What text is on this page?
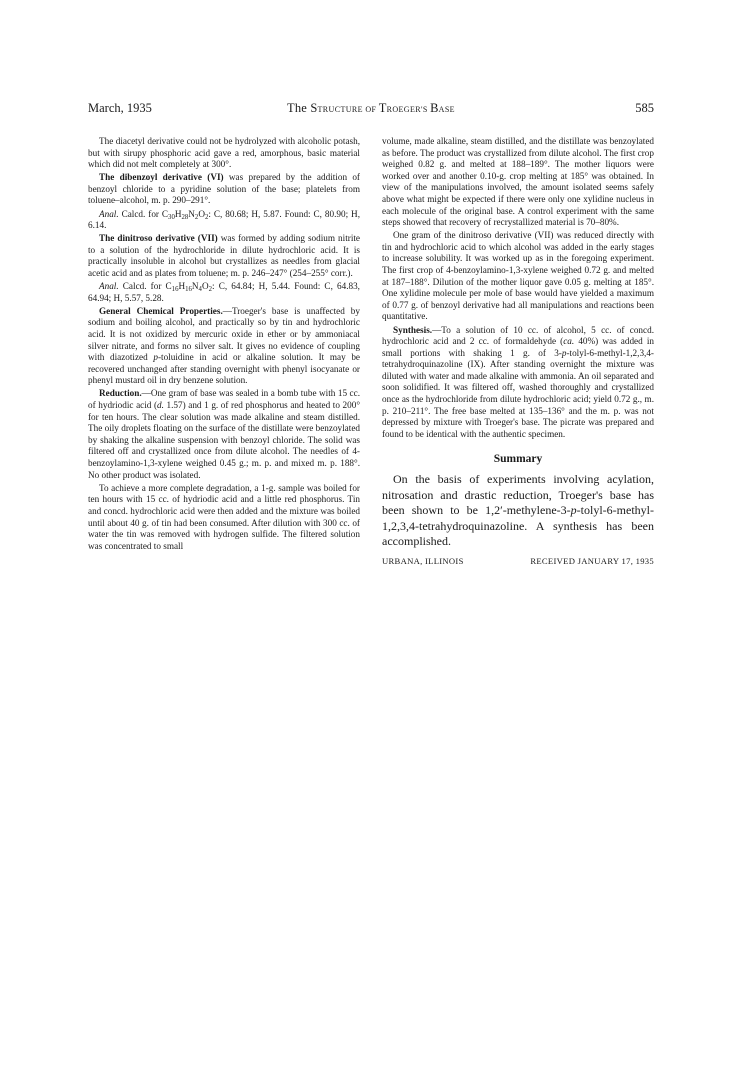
March, 1935	The STRUCTURE OF TROEGER'S BASE	585

The diacetyl derivative could not be hydrolyzed with alcoholic potash, but with sirupy phosphoric acid gave a red, amorphous, basic material which did not melt completely at 300°.

The dibenzoyl derivative (VI) was prepared by the addition of benzoyl chloride to a pyridine solution of the base; platelets from toluene–alcohol, m. p. 290–291°.

Anal. Calcd. for $C_{30}H_{28}N_2O_2$: C, 80.68; H, 5.87. Found: C, 80.90; H, 6.14.

The dinitroso derivative (VII) was formed by adding sodium nitrite to a solution of the hydrochloride in dilute hydrochloric acid. It is practically insoluble in alcohol but crystallizes as needles from glacial acetic acid and as plates from toluene; m. p. 246–247° (254–255° corr.).

Anal. Calcd. for $C_{16}H_{16}N_4O_2$: C, 64.84; H, 5.44. Found: C, 64.83, 64.94; H, 5.57, 5.28.

General Chemical Properties.—Troeger's base is unaffected by sodium and boiling alcohol, and practically so by tin and hydrochloric acid. It is not oxidized by mercuric oxide in ether or by ammoniacal silver nitrate, and forms no silver salt. It gives no evidence of coupling with diazotized p-toluidine in acid or alkaline solution. It may be recovered unchanged after standing overnight with phenyl isocyanate or phenyl mustard oil in dry benzene solution.

Reduction.—One gram of base was sealed in a bomb tube with 15 cc. of hydriodic acid (d. 1.57) and 1 g. of red phosphorus and heated to 200° for ten hours. The clear solution was made alkaline and steam distilled. The oily droplets floating on the surface of the distillate were benzoylated by shaking the alkaline suspension with benzoyl chloride. The solid was filtered off and crystallized once from dilute alcohol. The needles of 4-benzoylamino-1,3-xylene weighed 0.45 g.; m. p. and mixed m. p. 188°. No other product was isolated.

To achieve a more complete degradation, a 1-g. sample was boiled for ten hours with 15 cc. of hydriodic acid and a little red phosphorus. Tin and concd. hydrochloric acid were then added and the mixture was boiled until about 40 g. of tin had been consumed. After dilution with 300 cc. of water the tin was removed with hydrogen sulfide. The filtered solution was concentrated to small

volume, made alkaline, steam distilled, and the distillate was benzoylated as before. The product was crystallized from dilute alcohol. The first crop weighed 0.82 g. and melted at 188–189°. The mother liquors were worked over and another 0.10-g. crop melting at 185° was obtained. In view of the manipulations involved, the amount isolated seems safely above what might be expected if there were only one xylidine nucleus in each molecule of the original base. A control experiment with the same steps showed that recovery of recrystallized material is 70–80%.

One gram of the dinitroso derivative (VII) was reduced directly with tin and hydrochloric acid to which alcohol was added in the early stages to increase solubility. It was worked up as in the foregoing experiment. The first crop of 4-benzoylamino-1,3-xylene weighed 0.72 g. and melted at 187–188°. Dilution of the mother liquor gave 0.05 g. melting at 185°. One xylidine molecule per mole of base would have yielded a maximum of 0.77 g. of benzoyl derivative had all manipulations and reactions been quantitative.

Synthesis.—To a solution of 10 cc. of alcohol, 5 cc. of concd. hydrochloric acid and 2 cc. of formaldehyde (ca. 40%) was added in small portions with shaking 1 g. of 3-p-tolyl-6-methyl-1,2,3,4-tetrahydroquinazoline (IX). After standing overnight the mixture was diluted with water and made alkaline with ammonia. An oil separated and soon solidified. It was filtered off, washed thoroughly and crystallized once as the hydrochloride from dilute hydrochloric acid; yield 0.72 g., m. p. 210–211°. The free base melted at 135–136° and the m. p. was not depressed by mixture with Troeger's base. The picrate was prepared and found to be identical with the authentic specimen.

Summary

On the basis of experiments involving acylation, nitrosation and drastic reduction, Troeger's base has been shown to be 1,2′-methylene-3-p-tolyl-6-methyl-1,2,3,4-tetrahydroquinazoline. A synthesis has been accomplished.

URBANA, ILLINOIS	RECEIVED JANUARY 17, 1935
